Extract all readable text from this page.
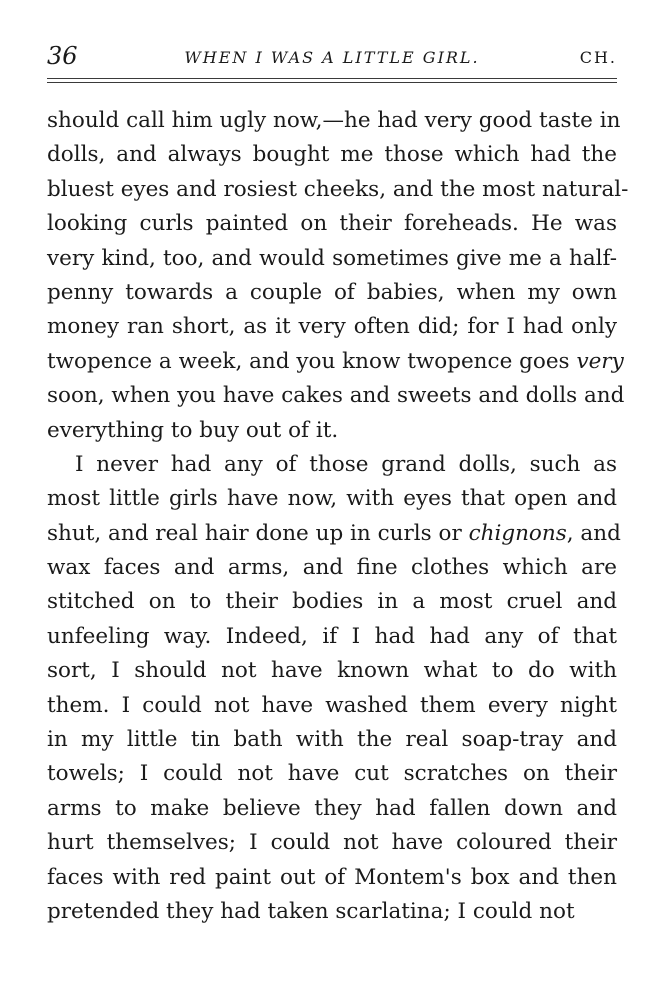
36	WHEN I WAS A LITTLE GIRL.	CH.
should call him ugly now,—he had very good taste in
dolls, and always bought me those which had the
bluest eyes and rosiest cheeks, and the most natural-
looking curls painted on their foreheads. He was
very kind, too, and would sometimes give me a half-
penny towards a couple of babies, when my own
money ran short, as it very often did; for I had only
twopence a week, and you know twopence goes very
soon, when you have cakes and sweets and dolls and
everything to buy out of it.
I never had any of those grand dolls, such as
most little girls have now, with eyes that open and
shut, and real hair done up in curls or chignons, and
wax faces and arms, and fine clothes which are
stitched on to their bodies in a most cruel and
unfeeling way. Indeed, if I had had any of that
sort, I should not have known what to do with
them. I could not have washed them every night
in my little tin bath with the real soap-tray and
towels; I could not have cut scratches on their
arms to make believe they had fallen down and
hurt themselves; I could not have coloured their
faces with red paint out of Montem's box and then
pretended they had taken scarlatina; I could not
